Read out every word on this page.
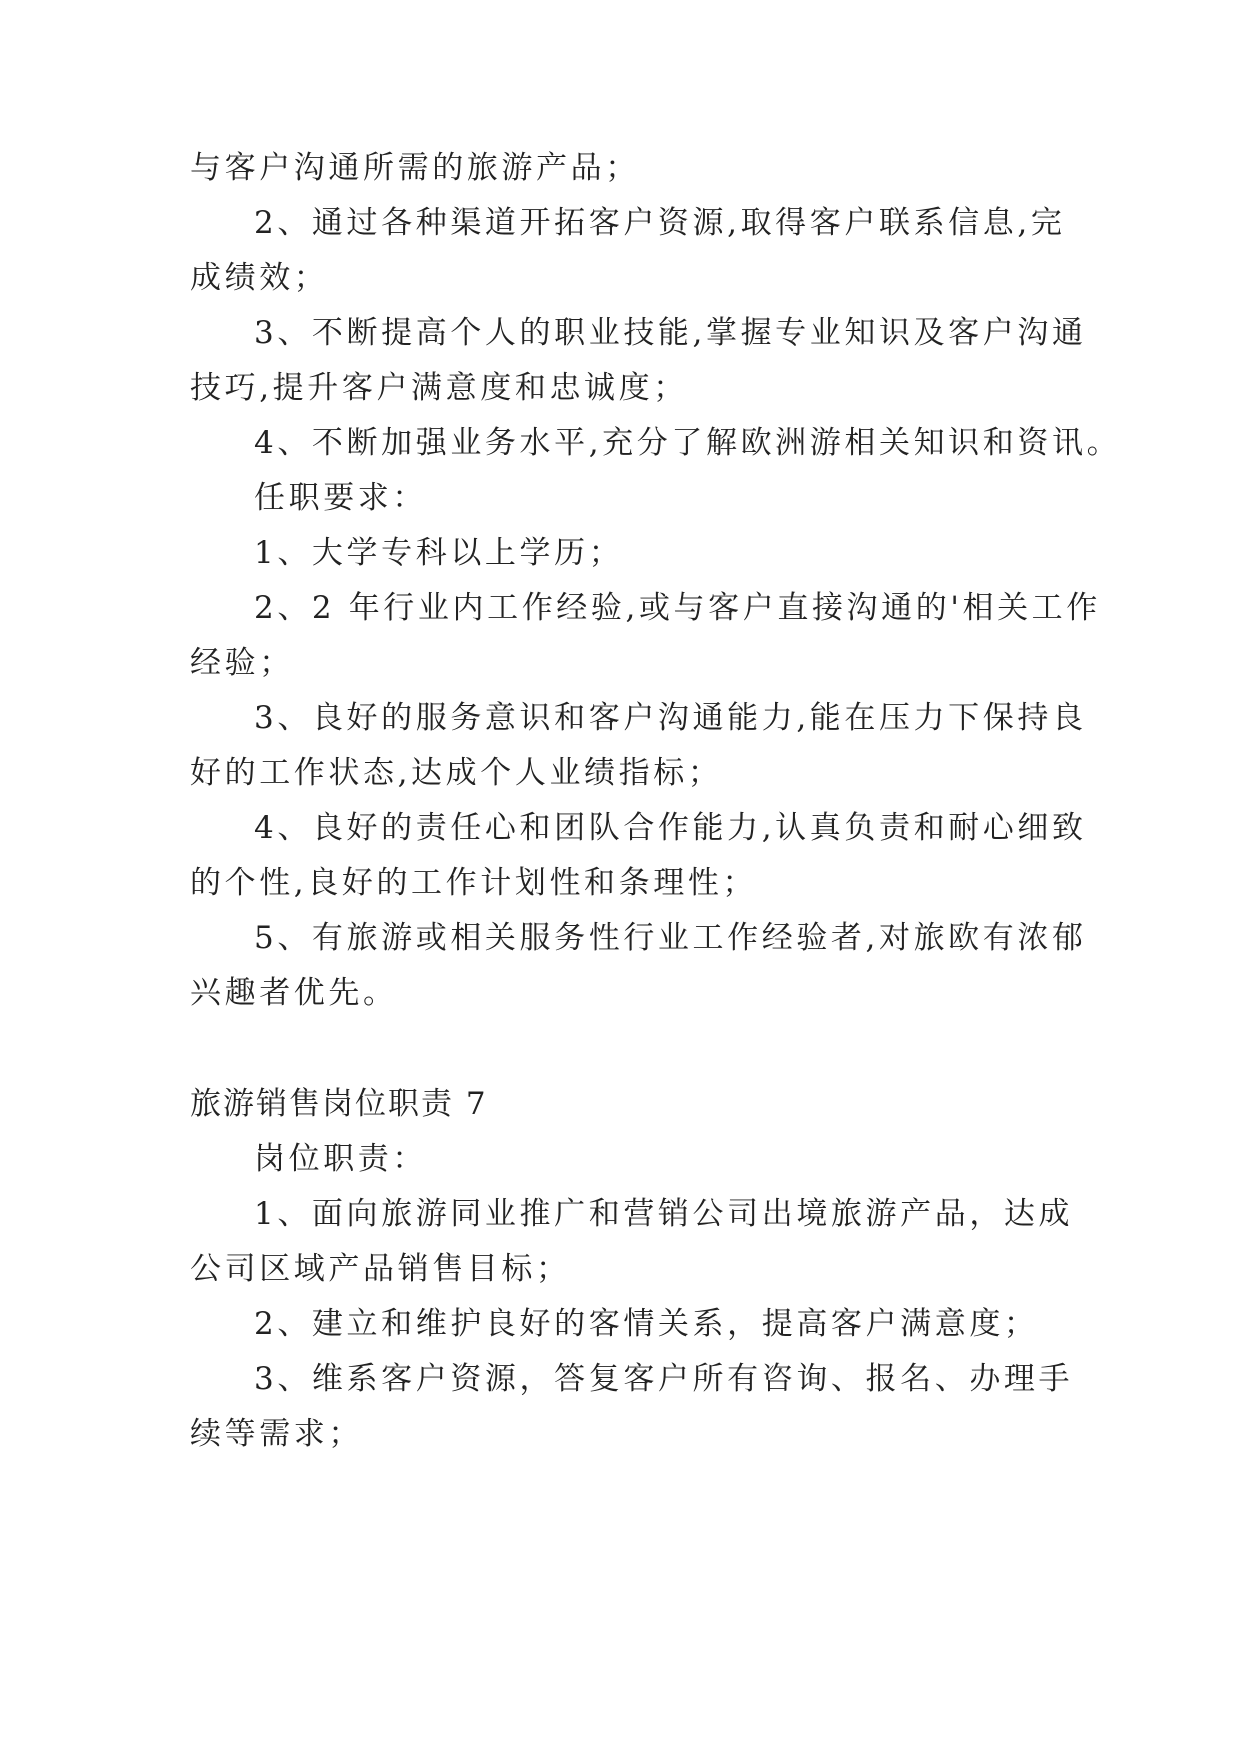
与客户沟通所需的旅游产品；
2、通过各种渠道开拓客户资源,取得客户联系信息,完
成绩效；
3、不断提高个人的职业技能,掌握专业知识及客户沟通
技巧,提升客户满意度和忠诚度；
4、不断加强业务水平,充分了解欧洲游相关知识和资讯。
任职要求：
1、大学专科以上学历；
2、2 年行业内工作经验,或与客户直接沟通的'相关工作
经验；
3、良好的服务意识和客户沟通能力,能在压力下保持良
好的工作状态,达成个人业绩指标；
4、良好的责任心和团队合作能力,认真负责和耐心细致
的个性,良好的工作计划性和条理性；
5、有旅游或相关服务性行业工作经验者,对旅欧有浓郁
兴趣者优先。
旅游销售岗位职责 7
岗位职责：
1、面向旅游同业推广和营销公司出境旅游产品，达成
公司区域产品销售目标；
2、建立和维护良好的客情关系，提高客户满意度；
3、维系客户资源，答复客户所有咨询、报名、办理手
续等需求；
